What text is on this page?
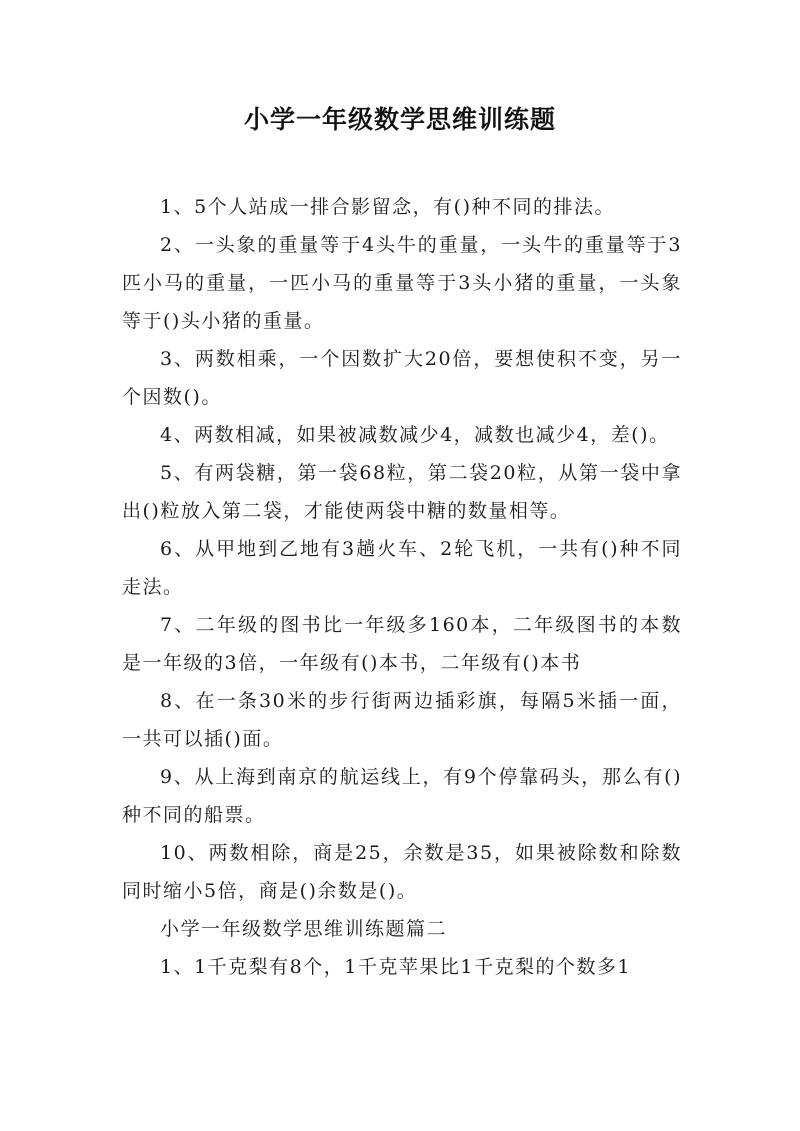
小学一年级数学思维训练题

1、5个人站成一排合影留念，有()种不同的排法。

2、一头象的重量等于4头牛的重量，一头牛的重量等于3匹小马的重量，一匹小马的重量等于3头小猪的重量，一头象等于()头小猪的重量。

3、两数相乘，一个因数扩大20倍，要想使积不变，另一个因数()。

4、两数相减，如果被减数减少4，减数也减少4，差()。

5、有两袋糖，第一袋68粒，第二袋20粒，从第一袋中拿出()粒放入第二袋，才能使两袋中糖的数量相等。

6、从甲地到乙地有3趟火车、2轮飞机，一共有()种不同走法。

7、二年级的图书比一年级多160本，二年级图书的本数是一年级的3倍，一年级有()本书，二年级有()本书

8、在一条30米的步行街两边插彩旗，每隔5米插一面，一共可以插()面。

9、从上海到南京的航运线上，有9个停靠码头，那么有()种不同的船票。

10、两数相除，商是25，余数是35，如果被除数和除数同时缩小5倍，商是()余数是()。

小学一年级数学思维训练题篇二

1、1千克梨有8个，1千克苹果比1千克梨的个数多1
